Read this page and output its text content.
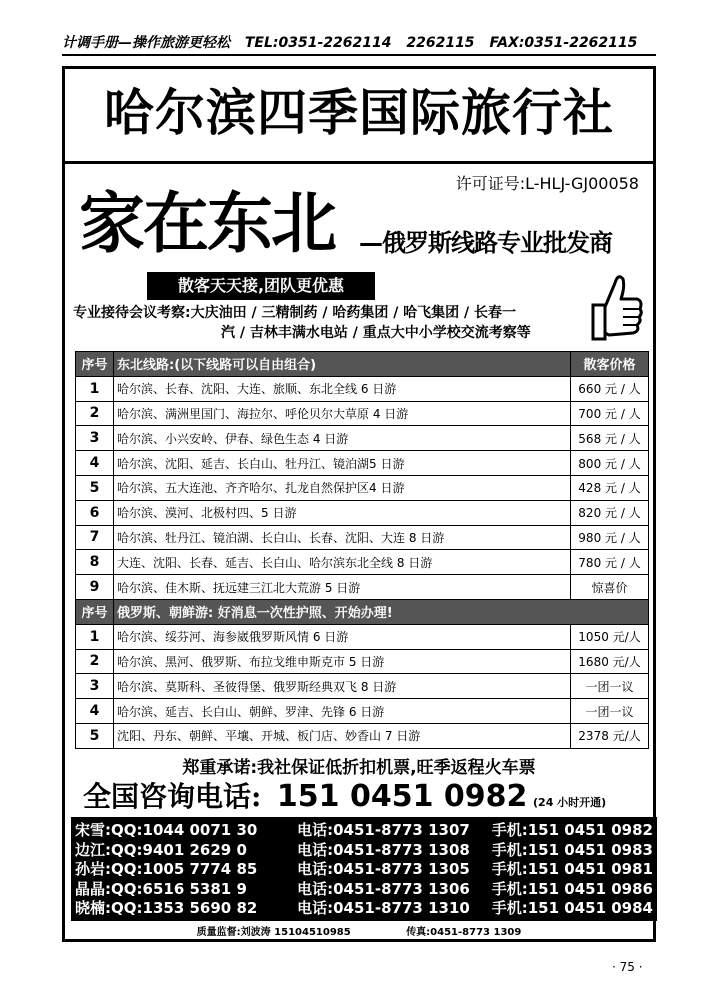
计调手册—操作旅游更轻松 TEL:0351-2262114 2262115 FAX:0351-2262115
哈尔滨四季国际旅行社
许可证号:L-HLJ-GJ00058
家在东北 —俄罗斯线路专业批发商
散客天天接,团队更优惠
专业接待会议考察:大庆油田 / 三精制药 / 哈药集团 / 哈飞集团 / 长春一
汽 / 吉林丰满水电站 / 重点大中小学校交流考察等
序号	东北线路:(以下线路可以自由组合)	散客价格
1	哈尔滨、长春、沈阳、大连、旅顺、东北全线 6 日游	660 元 / 人
2	哈尔滨、满洲里国门、海拉尔、呼伦贝尔大草原 4 日游	700 元 / 人
3	哈尔滨、小兴安岭、伊春、绿色生态 4 日游	568 元 / 人
4	哈尔滨、沈阳、延吉、长白山、牡丹江、镜泊湖5 日游	800 元 / 人
5	哈尔滨、五大连池、齐齐哈尔、扎龙自然保护区4 日游	428 元 / 人
6	哈尔滨、漠河、北极村四、5 日游	820 元 / 人
7	哈尔滨、牡丹江、镜泊湖、长白山、长春、沈阳、大连 8 日游	980 元 / 人
8	大连、沈阳、长春、延吉、长白山、哈尔滨东北全线 8 日游	780 元 / 人
9	哈尔滨、佳木斯、抚远建三江北大荒游 5 日游	惊喜价
序号	俄罗斯、朝鲜游: 好消息一次性护照、开始办理!	
1	哈尔滨、绥芬河、海参崴俄罗斯风情 6 日游	1050 元/人
2	哈尔滨、黑河、俄罗斯、布拉戈维申斯克市 5 日游	1680 元/人
3	哈尔滨、莫斯科、圣彼得堡、俄罗斯经典双飞 8 日游	一团一议
4	哈尔滨、延吉、长白山、朝鲜、罗津、先锋 6 日游	一团一议
5	沈阳、丹东、朝鲜、平壤、开城、板门店、妙香山 7 日游	2378 元/人
郑重承诺:我社保证低折扣机票,旺季返程火车票
全国咨询电话: 151 0451 0982 (24 小时开通)
宋雪:QQ:1044 0071 30	电话:0451-8773 1307	手机:151 0451 0982
边江:QQ:9401 2629 0	电话:0451-8773 1308	手机:151 0451 0983
孙岩:QQ:1005 7774 85	电话:0451-8773 1305	手机:151 0451 0981
晶晶:QQ:6516 5381 9	电话:0451-8773 1306	手机:151 0451 0986
晓楠:QQ:1353 5690 82	电话:0451-8773 1310	手机:151 0451 0984
质量监督:刘波涛 15104510985	传真:0451-8773 1309
· 75 ·
